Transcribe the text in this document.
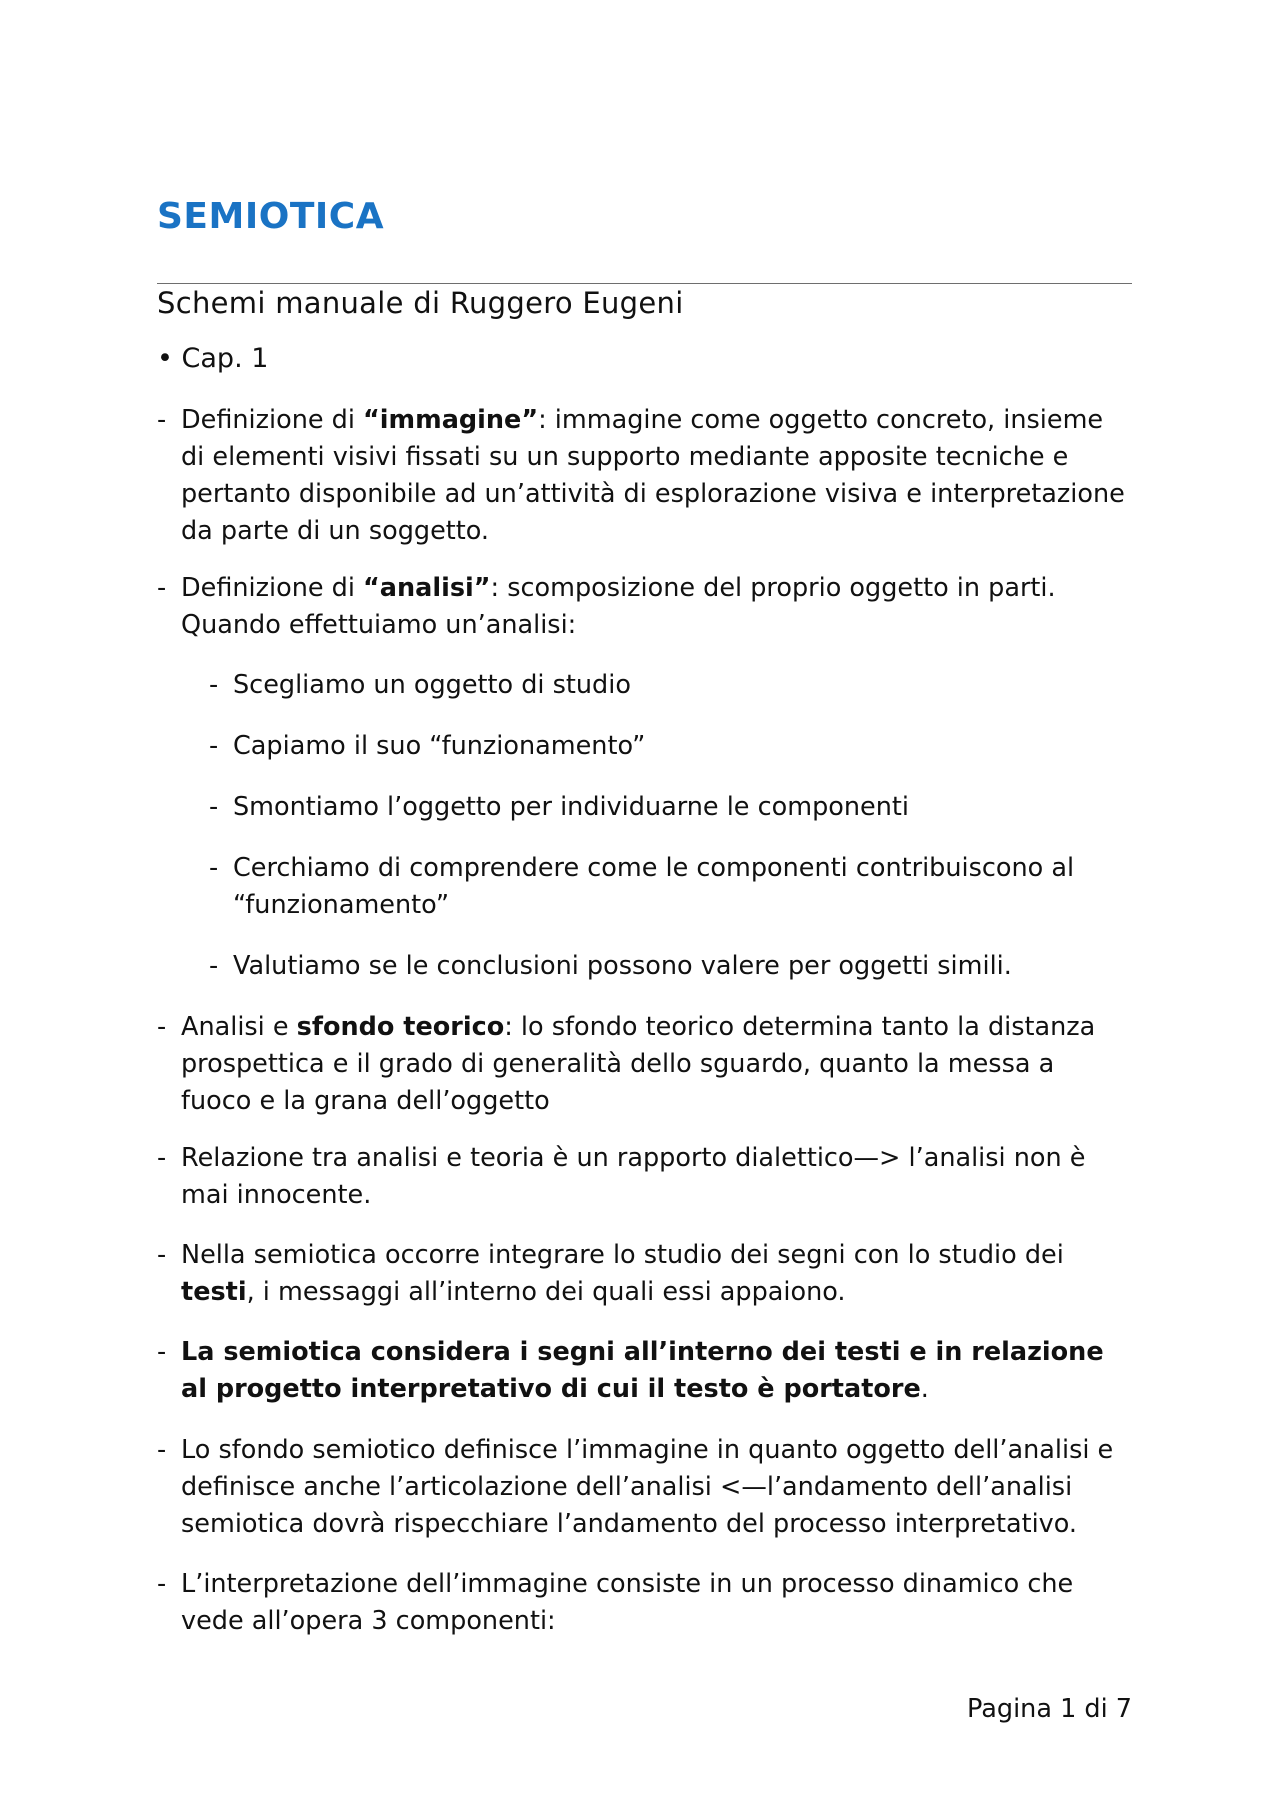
SEMIOTICA
Schemi manuale di Ruggero Eugeni

• Cap. 1

- Definizione di “immagine”: immagine come oggetto concreto, insieme di elementi visivi fissati su un supporto mediante apposite tecniche e pertanto disponibile ad un’attività di esplorazione visiva e interpretazione da parte di un soggetto.

- Definizione di “analisi”: scomposizione del proprio oggetto in parti. Quando effettuiamo un’analisi:

- Scegliamo un oggetto di studio

- Capiamo il suo “funzionamento”

- Smontiamo l’oggetto per individuarne le componenti

- Cerchiamo di comprendere come le componenti contribuiscono al “funzionamento”

- Valutiamo se le conclusioni possono valere per oggetti simili.

- Analisi e sfondo teorico: lo sfondo teorico determina tanto la distanza prospettica e il grado di generalità dello sguardo, quanto la messa a fuoco e la grana dell’oggetto

- Relazione tra analisi e teoria è un rapporto dialettico—> l’analisi non è mai innocente.

- Nella semiotica occorre integrare lo studio dei segni con lo studio dei testi, i messaggi all’interno dei quali essi appaiono.

- La semiotica considera i segni all’interno dei testi e in relazione al progetto interpretativo di cui il testo è portatore.

- Lo sfondo semiotico definisce l’immagine in quanto oggetto dell’analisi e definisce anche l’articolazione dell’analisi <—l’andamento dell’analisi semiotica dovrà rispecchiare l’andamento del processo interpretativo.

- L’interpretazione dell’immagine consiste in un processo dinamico che vede all’opera 3 componenti:

Pagina 1 di 7
